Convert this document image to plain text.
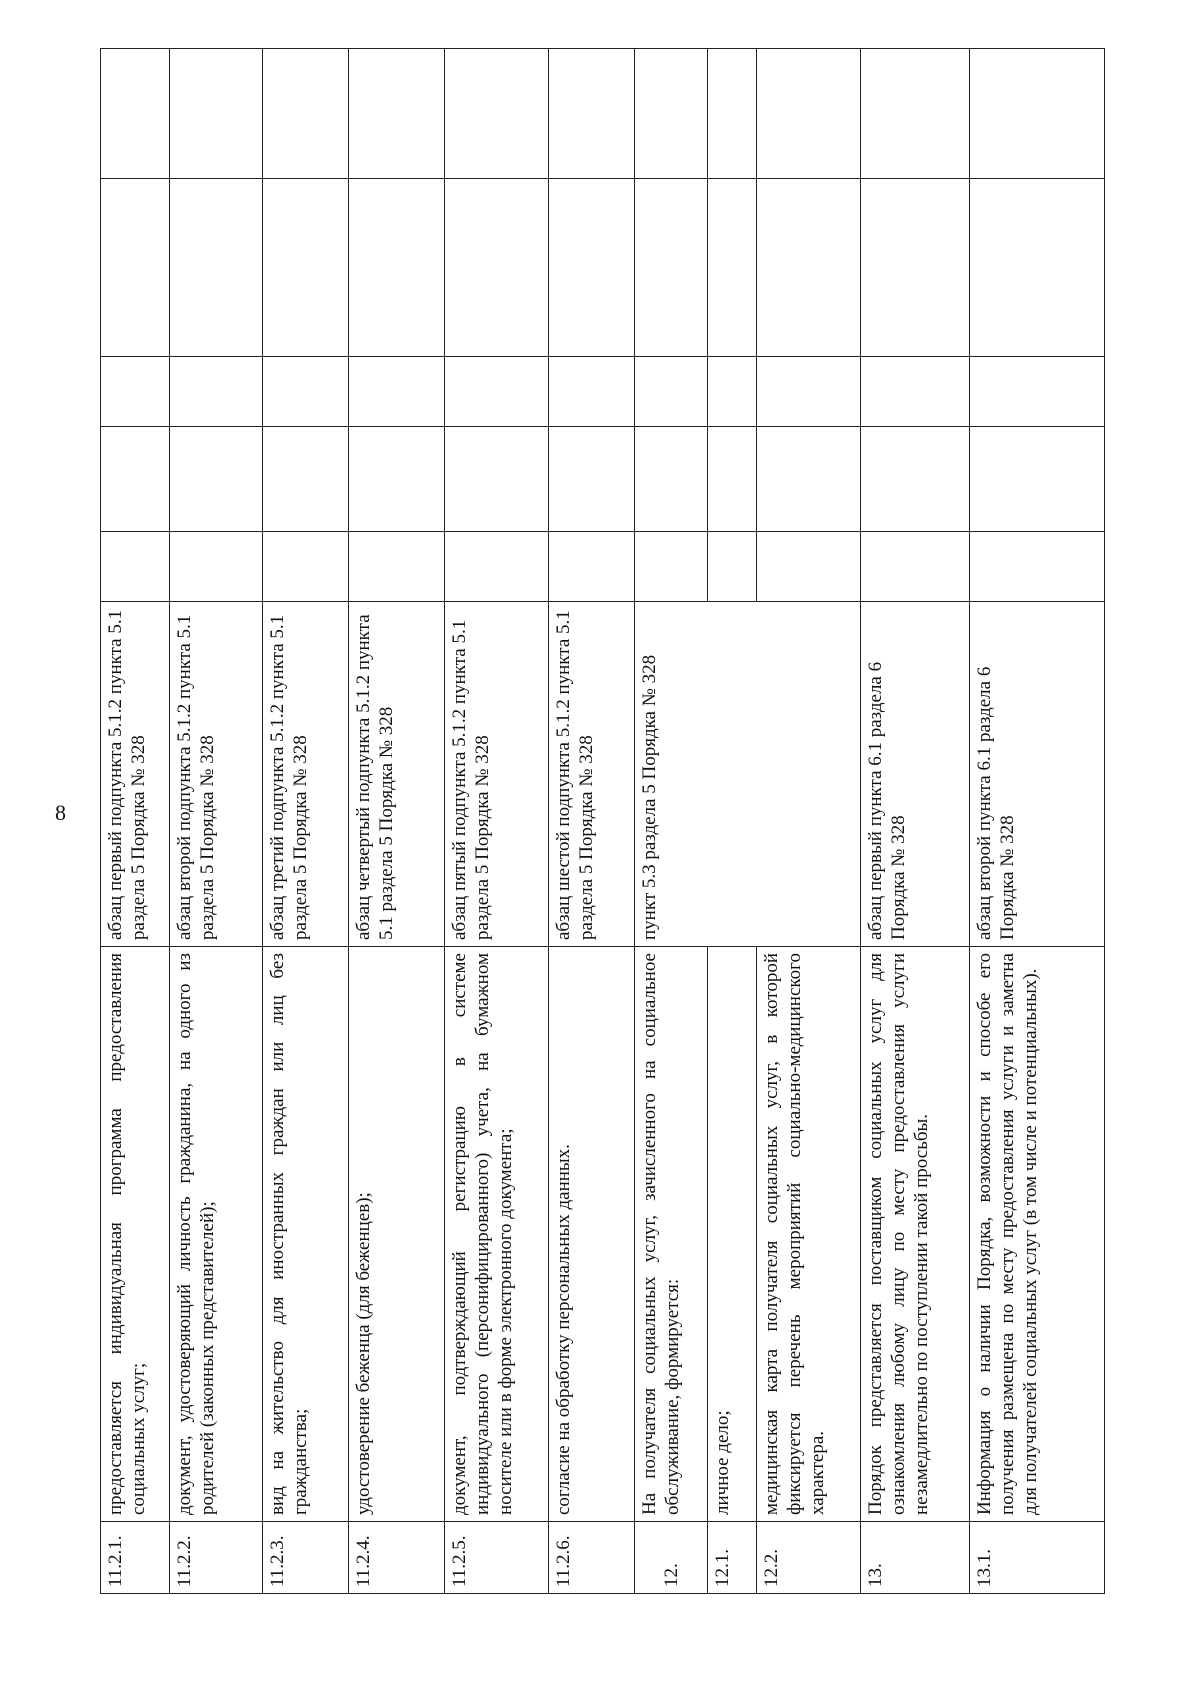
8
11.2.1.	предоставляется индивидуальная программа предоставления социальных услуг;	абзац первый подпункта 5.1.2 пункта 5.1 раздела 5 Порядка № 328					
11.2.2.	документ, удостоверяющий личность гражданина, на одного из родителей (законных представителей);	абзац второй подпункта 5.1.2 пункта 5.1 раздела 5 Порядка № 328					
11.2.3.	вид на жительство для иностранных граждан или лиц без гражданства;	абзац третий подпункта 5.1.2 пункта 5.1 раздела 5 Порядка № 328					
11.2.4.	удостоверение беженца (для беженцев);	абзац четвертый подпункта 5.1.2 пункта 5.1 раздела 5 Порядка № 328					
11.2.5.	документ, подтверждающий регистрацию в системе индивидуального (персонифицированного) учета, на бумажном носителе или в форме электронного документа;	абзац пятый подпункта 5.1.2 пункта 5.1 раздела 5 Порядка № 328					
11.2.6.	согласие на обработку персональных данных.	абзац шестой подпункта 5.1.2 пункта 5.1 раздела 5 Порядка № 328					
12.	На получателя социальных услуг, зачисленного на социальное обслуживание, формируется:	пункт 5.3 раздела 5 Порядка № 328					
12.1.	личное дело;						
12.2.	медицинская карта получателя социальных услуг, в которой фиксируется перечень мероприятий социально-медицинского характера.						
13.	Порядок представляется поставщиком социальных услуг для ознакомления любому лицу по месту предоставления услуги незамедлительно по поступлении такой просьбы.	абзац первый пункта 6.1 раздела 6 Порядка № 328					
13.1.	Информация о наличии Порядка, возможности и способе его получения размещена по месту предоставления услуги и заметна для получателей социальных услуг (в том числе и потенциальных).	абзац второй пункта 6.1 раздела 6 Порядка № 328					
